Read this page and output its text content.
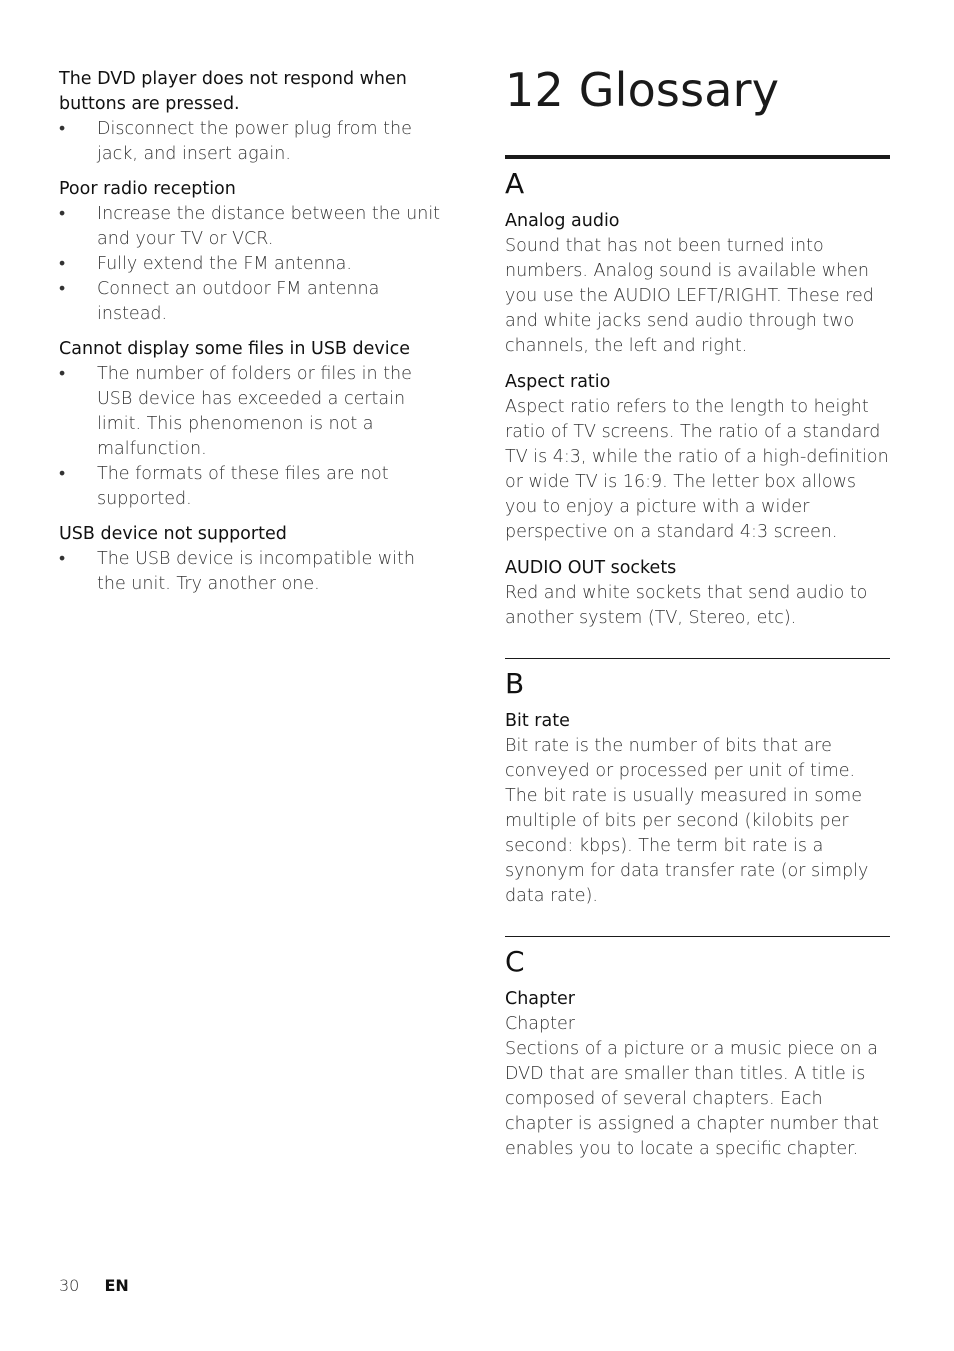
The DVD player does not respond when buttons are pressed.

• Disconnect the power plug from the jack, and insert again.

Poor radio reception

• Increase the distance between the unit and your TV or VCR.
• Fully extend the FM antenna.
• Connect an outdoor FM antenna instead.

Cannot display some files in USB device

• The number of folders or files in the USB device has exceeded a certain limit. This phenomenon is not a malfunction.
• The formats of these files are not supported.

USB device not supported

• The USB device is incompatible with the unit. Try another one.
12 Glossary
A

Analog audio

Sound that has not been turned into numbers. Analog sound is available when you use the AUDIO LEFT/RIGHT. These red and white jacks send audio through two channels, the left and right.

Aspect ratio

Aspect ratio refers to the length to height ratio of TV screens. The ratio of a standard TV is 4:3, while the ratio of a high-definition or wide TV is 16:9. The letter box allows you to enjoy a picture with a wider perspective on a standard 4:3 screen.

AUDIO OUT sockets

Red and white sockets that send audio to another system (TV, Stereo, etc).

B

Bit rate

Bit rate is the number of bits that are conveyed or processed per unit of time. The bit rate is usually measured in some multiple of bits per second (kilobits per second: kbps). The term bit rate is a synonym for data transfer rate (or simply data rate).

C

Chapter

Chapter

Sections of a picture or a music piece on a DVD that are smaller than titles. A title is composed of several chapters. Each chapter is assigned a chapter number that enables you to locate a specific chapter.

30 EN
